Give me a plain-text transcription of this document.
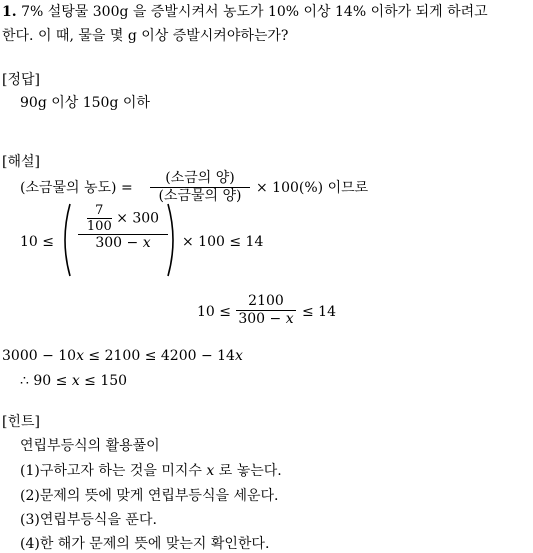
1. 7% 설탕물 300g 을 증발시켜서 농도가 10% 이상 14% 이하가 되게 하려고
한다. 이 때, 물을 몇 g 이상 증발시켜야하는가?
[정답]
90g 이상 150g 이하
[해설]
(소금물의 농도) =
(소금의 양)
(소금물의 양)	× 100(%) 이므로
10 ≤
$\frac{7}{100} \times 300$
300 − x	× 100 ≤ 14
10 ≤
2100
300 − x ≤ 14
3000 − 10x ≤ 2100 ≤ 4200 − 14x
∴ 90 ≤ x ≤ 150
[힌트]
연립부등식의 활용풀이
(1)구하고자 하는 것을 미지수 x 로 놓는다.
(2)문제의 뜻에 맞게 연립부등식을 세운다.
(3)연립부등식을 푼다.
(4)한 해가 문제의 뜻에 맞는지 확인한다.
